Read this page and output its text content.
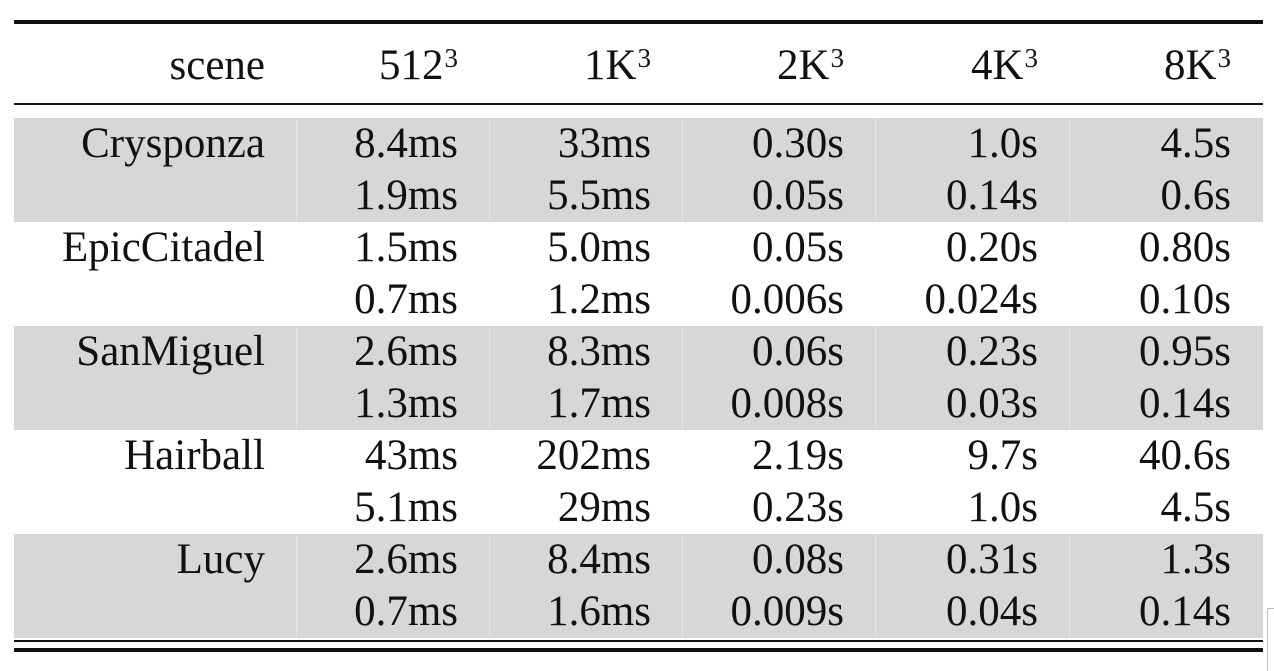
scene	$512^3$	$1K^3$	$2K^3$	$4K^3$	$8K^3$
Crysponza	8.4ms	33ms	0.30s	1.0s	4.5s
1.9ms	5.5ms	0.05s	0.14s	0.6s
EpicCitadel	1.5ms	5.0ms	0.05s	0.20s	0.80s
0.7ms	1.2ms	0.006s	0.024s	0.10s
SanMiguel	2.6ms	8.3ms	0.06s	0.23s	0.95s
1.3ms	1.7ms	0.008s	0.03s	0.14s
Hairball	43ms	202ms	2.19s	9.7s	40.6s
5.1ms	29ms	0.23s	1.0s	4.5s
Lucy	2.6ms	8.4ms	0.08s	0.31s	1.3s
0.7ms	1.6ms	0.009s	0.04s	0.14s
